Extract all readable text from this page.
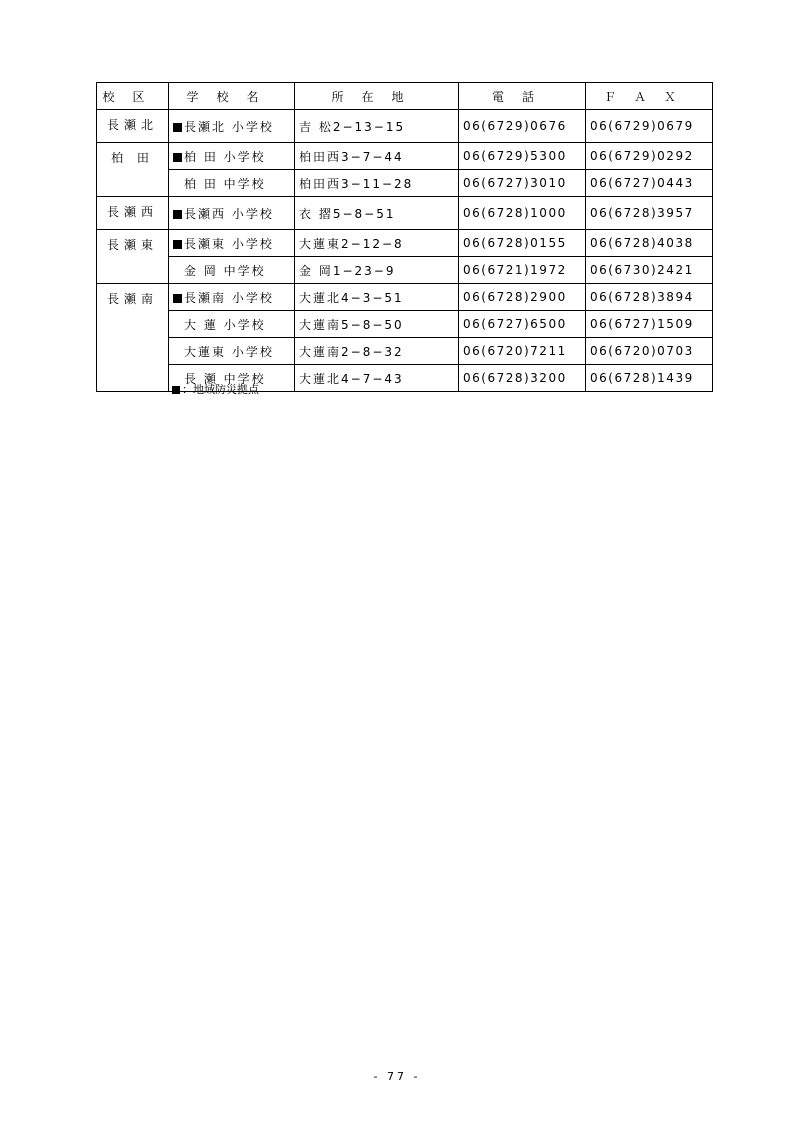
校区	学校名	所在地	電話	ＦＡＸ
長瀬北	長瀬北 小学校	吉 松2−13−15	06(6729)0676	06(6729)0679
柏 田	柏 田 小学校	柏田西3−7−44	06(6729)5300	06(6729)0292
	柏 田 中学校	柏田西3−11−28	06(6727)3010	06(6727)0443
長瀬西	長瀬西 小学校	衣 摺5−8−51	06(6728)1000	06(6728)3957
長瀬東	長瀬東 小学校	大蓮東2−12−8	06(6728)0155	06(6728)4038
	金 岡 中学校	金 岡1−23−9	06(6721)1972	06(6730)2421
長瀬南	長瀬南 小学校	大蓮北4−3−51	06(6728)2900	06(6728)3894
	大 蓮 小学校	大蓮南5−8−50	06(6727)6500	06(6727)1509
	大蓮東 小学校	大蓮南2−8−32	06(6720)7211	06(6720)0703
	長 瀬 中学校	大蓮北4−7−43	06(6728)3200	06(6728)1439
：地域防災拠点
- 77 -
